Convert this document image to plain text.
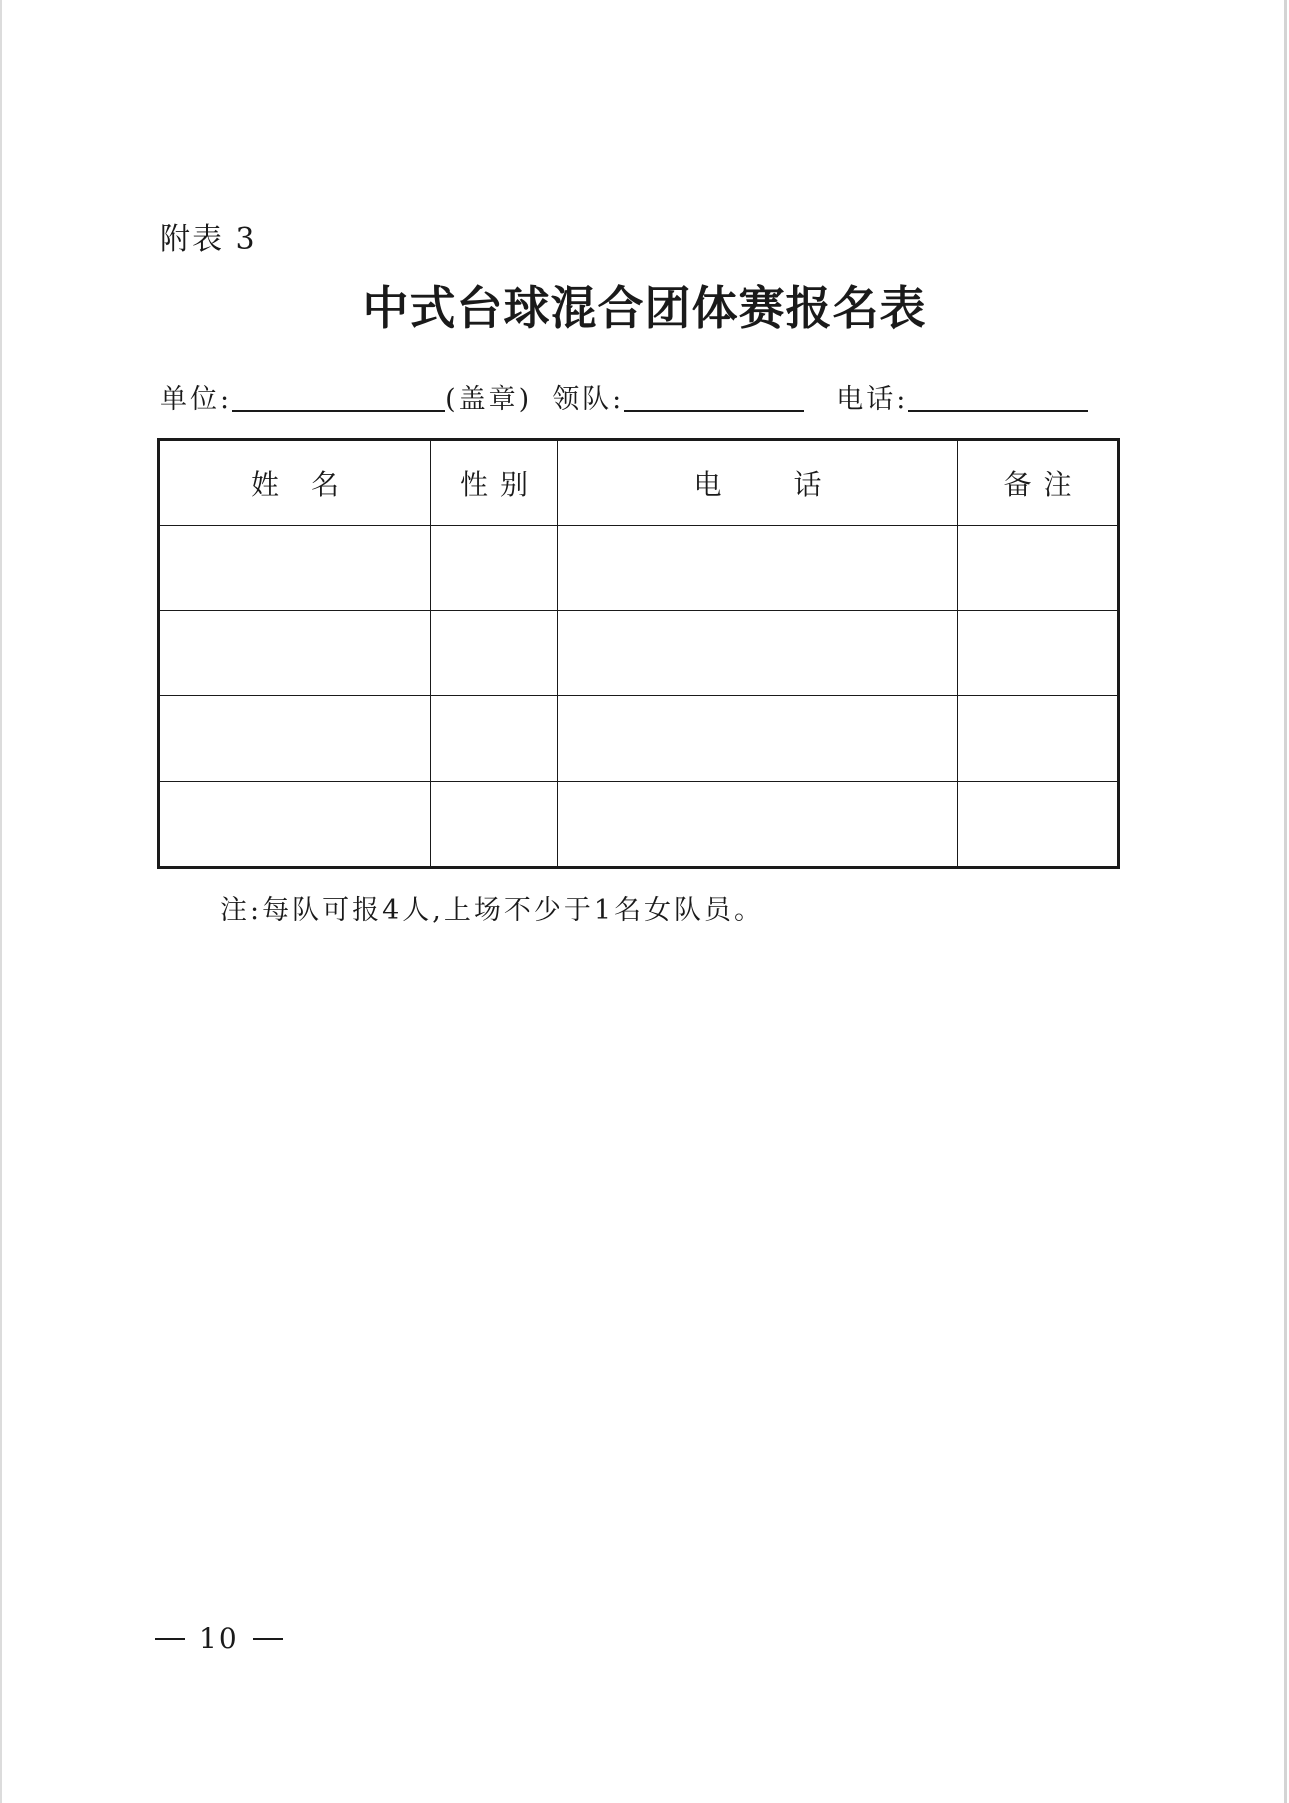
附表 3
中式台球混合团体赛报名表
单位:	(盖章) 领队:	电话:
姓名	性别	电话	备注

注:每队可报4人,上场不少于1名女队员。
10
